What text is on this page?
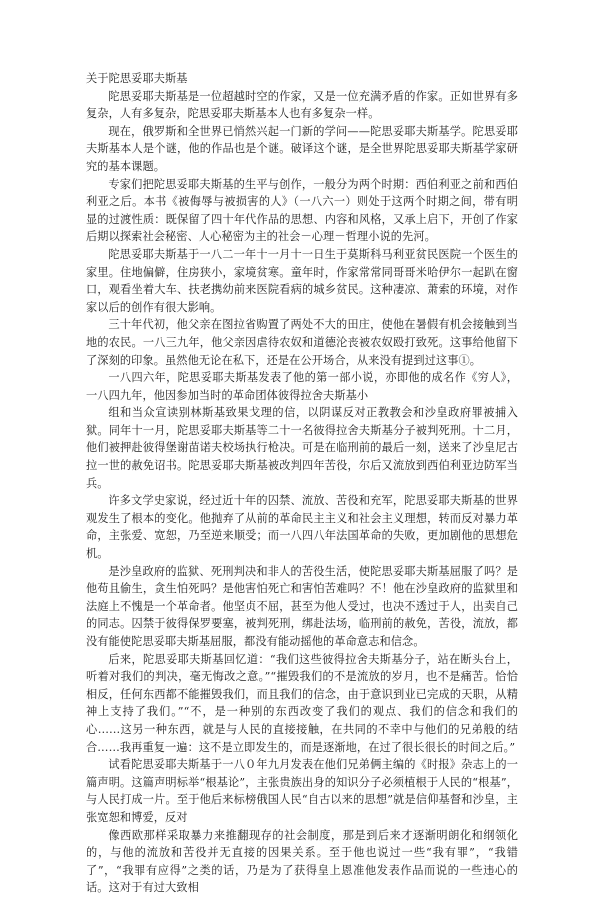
关于陀思妥耶夫斯基

陀思妥耶夫斯基是一位超越时空的作家，又是一位充满矛盾的作家。正如世界有多复杂，人有多复杂，陀思妥耶夫斯基本人也有多复杂一样。

现在，俄罗斯和全世界已悄然兴起一门新的学问——陀思妥耶夫斯基学。陀思妥耶夫斯基本人是个谜，他的作品也是个谜。破译这个谜，是全世界陀思妥耶夫斯基学家研究的基本课题。

专家们把陀思妥耶夫斯基的生平与创作，一般分为两个时期：西伯利亚之前和西伯利亚之后。本书《被侮辱与被损害的人》（一八六一）则处于这两个时期之间，带有明显的过渡性质：既保留了四十年代作品的思想、内容和风格，又承上启下，开创了作家后期以探索社会秘密、人心秘密为主的社会－心理－哲理小说的先河。

陀思妥耶夫斯基于一八二一年十一月十一日生于莫斯科马利亚贫民医院一个医生的家里。住地偏僻，住房狭小，家境贫寒。童年时，作家常常同哥哥米哈伊尔一起趴在窗口，观看坐着大车、扶老携幼前来医院看病的城乡贫民。这种凄凉、萧索的环境，对作家以后的创作有很大影响。

三十年代初，他父亲在图拉省购置了两处不大的田庄，使他在暑假有机会接触到当地的农民。一八三九年，他父亲因虐待农奴和道德沦丧被农奴殴打致死。这事给他留下了深刻的印象。虽然他无论在私下，还是在公开场合，从来没有提到过这事①。

一八四六年，陀思妥耶夫斯基发表了他的第一部小说，亦即他的成名作《穷人》，一八四九年，他因参加当时的革命团体彼得拉舍夫斯基小

组和当众宣读别林斯基致果戈理的信，以阴谋反对正教教会和沙皇政府罪被捕入狱。同年十一月，陀思妥耶夫斯基等二十一名彼得拉舍夫斯基分子被判死刑。十二月，他们被押赴彼得堡谢苗诺夫校场执行枪决。可是在临刑前的最后一刻，送来了沙皇尼古拉一世的赦免诏书。陀思妥耶夫斯基被改判四年苦役，尔后又流放到西伯利亚边防军当兵。

许多文学史家说，经过近十年的囚禁、流放、苦役和充军，陀思妥耶夫斯基的世界观发生了根本的变化。他抛弃了从前的革命民主主义和社会主义理想，转而反对暴力革命，主张爱、宽恕，乃至逆来顺受；而一八四八年法国革命的失败，更加剧他的思想危机。

是沙皇政府的监狱、死刑判决和非人的苦役生活，使陀思妥耶夫斯基屈服了吗？是他苟且偷生，贪生怕死吗？是他害怕死亡和害怕苦难吗？不！他在沙皇政府的监狱里和法庭上不愧是一个革命者。他坚贞不屈，甚至为他人受过，也决不透过于人，出卖自己的同志。囚禁于彼得保罗要塞，被判死刑，绑赴法场，临刑前的赦免，苦役，流放，都没有能使陀思妥耶夫斯基屈服，都没有能动摇他的革命意志和信念。

后来，陀思妥耶夫斯基回忆道：“我们这些彼得拉舍夫斯基分子，站在断头台上，听着对我们的判决，毫无悔改之意。”“摧毁我们的不是流放的岁月，也不是痛苦。恰恰相反，任何东西都不能摧毁我们，而且我们的信念，由于意识到业已完成的天职，从精神上支持了我们。”“不，是一种别的东西改变了我们的观点、我们的信念和我们的心……这另一种东西，就是与人民的直接接触，在共同的不幸中与他们的兄弟般的结合……我再重复一遍：这不是立即发生的，而是逐渐地，在过了很长很长的时间之后。”

试看陀思妥耶夫斯基于一八０年九月发表在他们兄弟俩主编的《时报》杂志上的一篇声明。这篇声明标举“根基论”，主张贵族出身的知识分子必须植根于人民的“根基”，与人民打成一片。至于他后来标榜俄国人民“自古以来的思想”就是信仰基督和沙皇，主张宽恕和博爱，反对

像西欧那样采取暴力来推翻现存的社会制度，那是到后来才逐渐明朗化和纲领化的，与他的流放和苦役并无直接的因果关系。至于他也说过一些“我有罪”，“我错了”，“我罪有应得”之类的话，乃是为了获得皇上恩准他发表作品而说的一些违心的话。这对于有过大致相
